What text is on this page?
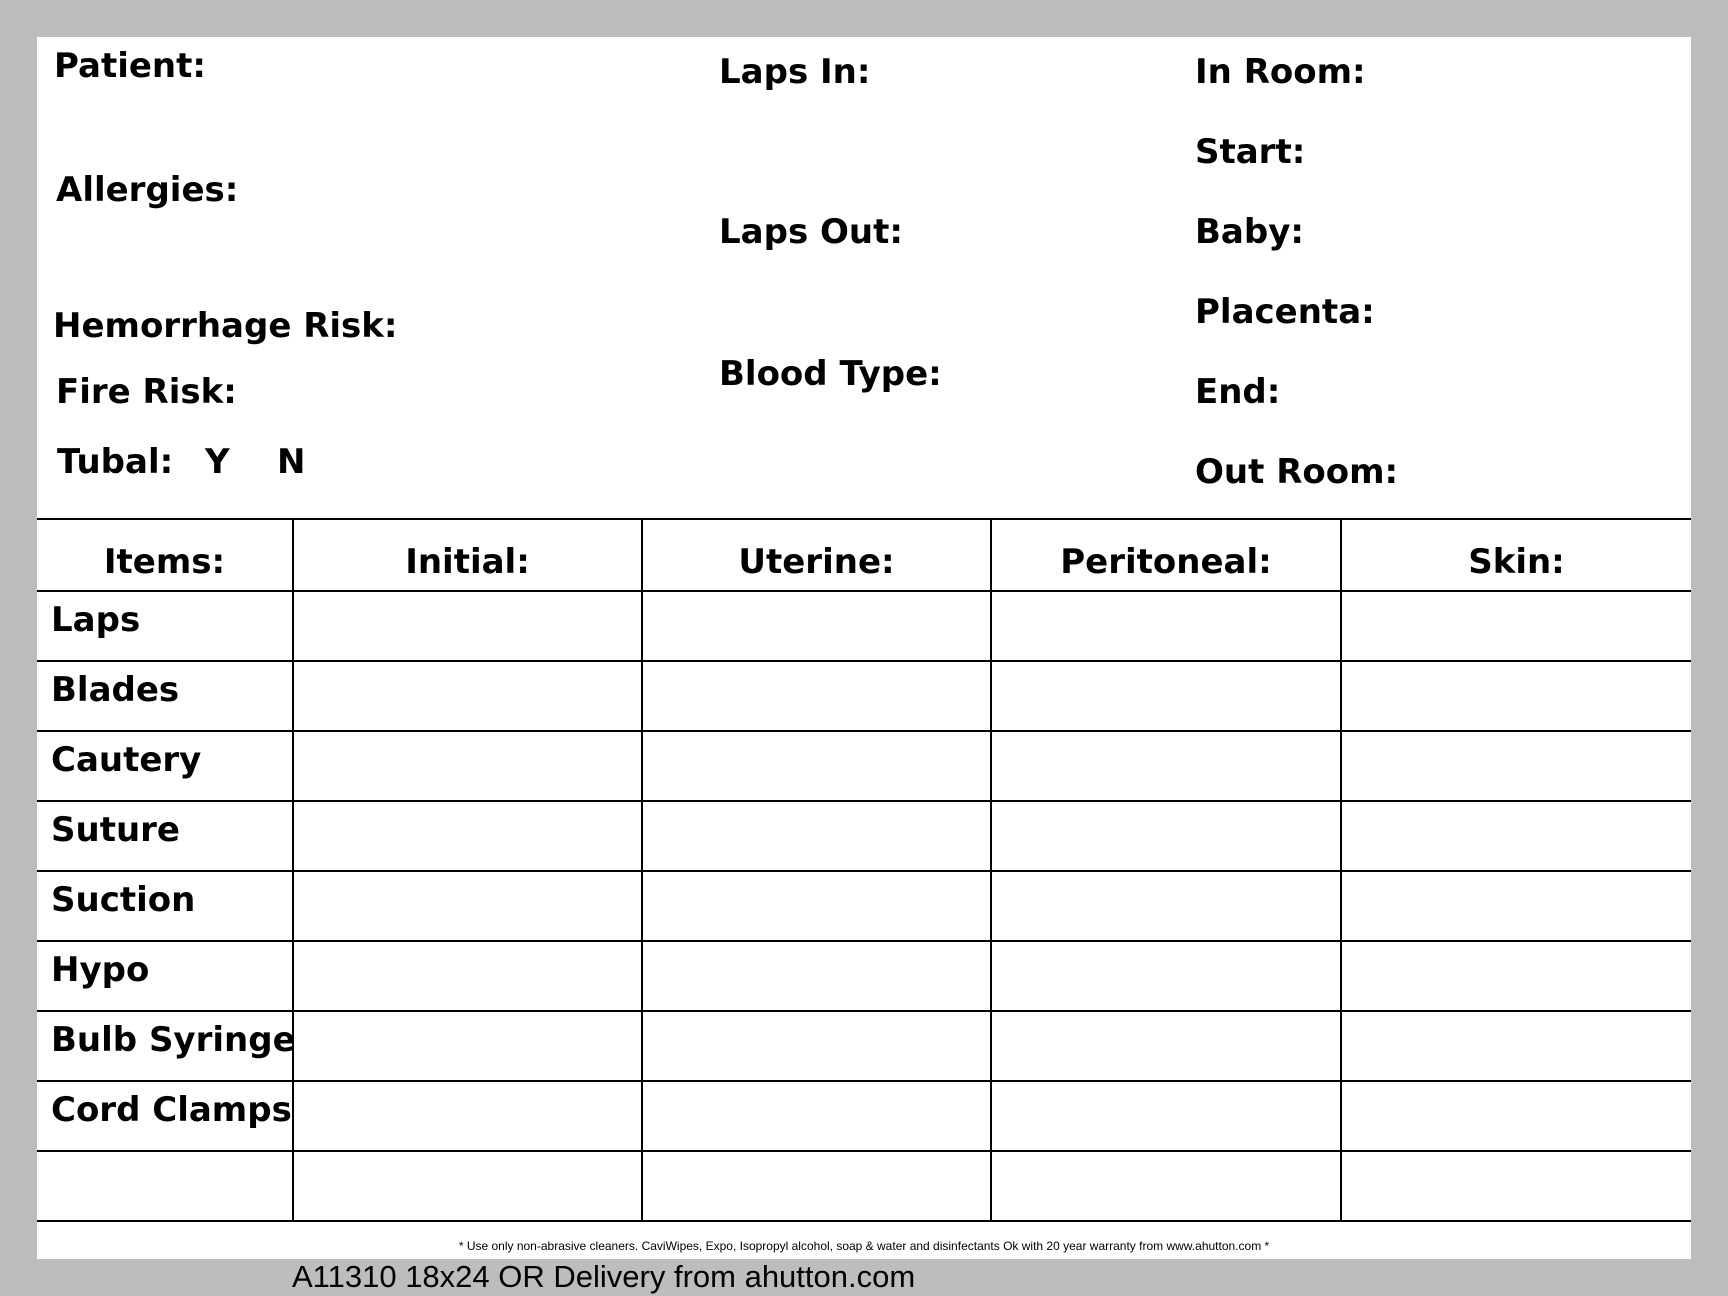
Patient:
Allergies:
Hemorrhage Risk:
Fire Risk:
Tubal: Y N
Laps In:
Laps Out:
Blood Type:
In Room:
Start:
Baby:
Placenta:
End:
Out Room:
Items:	Initial:	Uterine:	Peritoneal:	Skin:
Laps				
Blades				
Cautery				
Suture				
Suction				
Hypo				
Bulb Syringe				
Cord Clamps				

* Use only non-abrasive cleaners. CaviWipes, Expo, Isopropyl alcohol, soap & water and disinfectants Ok with 20 year warranty from www.ahutton.com *
A11310 18x24 OR Delivery from ahutton.com
